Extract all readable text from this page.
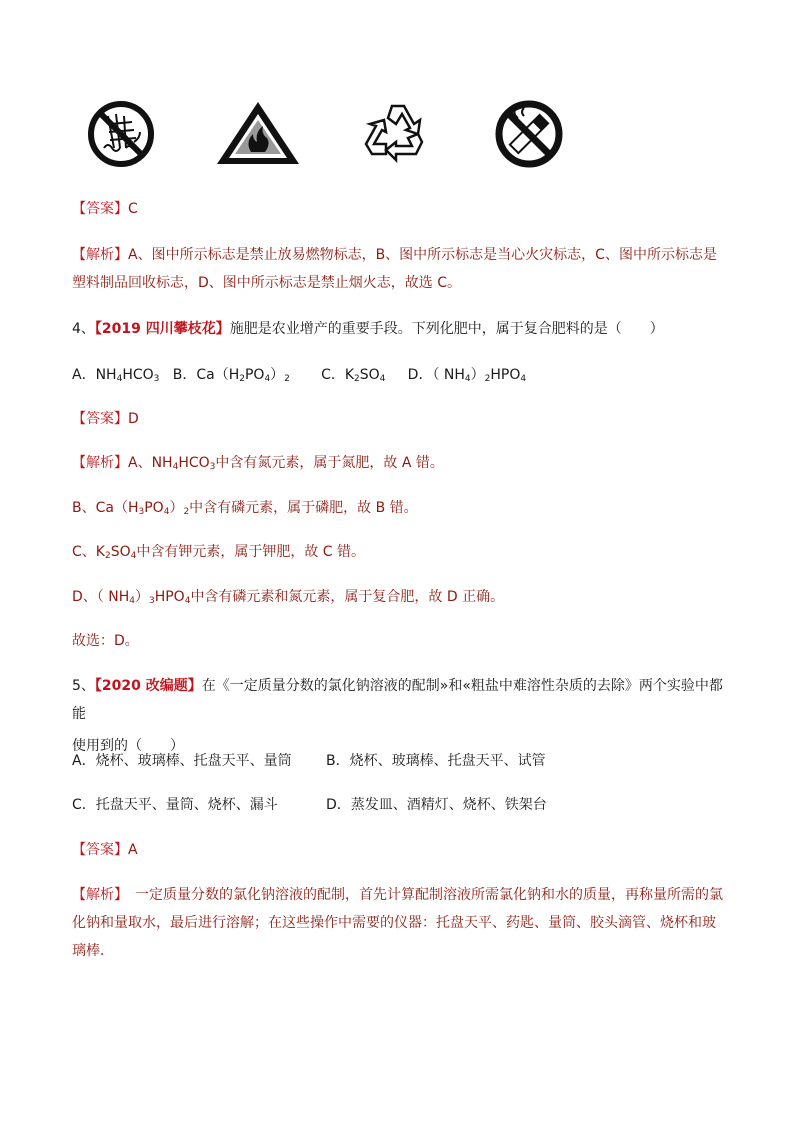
【答案】C
【解析】A、图中所示标志是禁止放易燃物标志，B、图中所示标志是当心火灾标志，C、图中所示标志是
塑料制品回收标志，D、图中所示标志是禁止烟火志，故选 C。
4、【2019 四川攀枝花】施肥是农业增产的重要手段。下列化肥中，属于复合肥料的是（　　）
A．$NH_4HCO_3$ B．$Ca(H_2PO_4)_2$ C．$K_2SO_4$ D．（ $NH_4)_2HPO_4$
【答案】D
【解析】A、$NH_4HCO_3$中含有氮元素，属于氮肥，故 A 错。
B、$Ca(H_3PO_4)_2$中含有磷元素，属于磷肥，故 B 错。
C、$K_2SO_4$中含有钾元素，属于钾肥，故 C 错。
D、（ $NH_4)_3HPO_4$中含有磷元素和氮元素，属于复合肥，故 D 正确。
故选：D。
5、【2020 改编题】在《一定质量分数的氯化钠溶液的配制»和«粗盐中难溶性杂质的去除》两个实验中都能
使用到的（　　）
A．烧杯、玻璃棒、托盘天平、量筒 B．烧杯、玻璃棒、托盘天平、试管
C．托盘天平、量筒、烧杯、漏斗	D．蒸发皿、酒精灯、烧杯、铁架台
【答案】A
【解析】　一定质量分数的氯化钠溶液的配制，首先计算配制溶液所需氯化钠和水的质量，再称量所需的氯
化钠和量取水，最后进行溶解；在这些操作中需要的仪器：托盘天平、药匙、量筒、胶头滴管、烧杯和玻
璃棒．
